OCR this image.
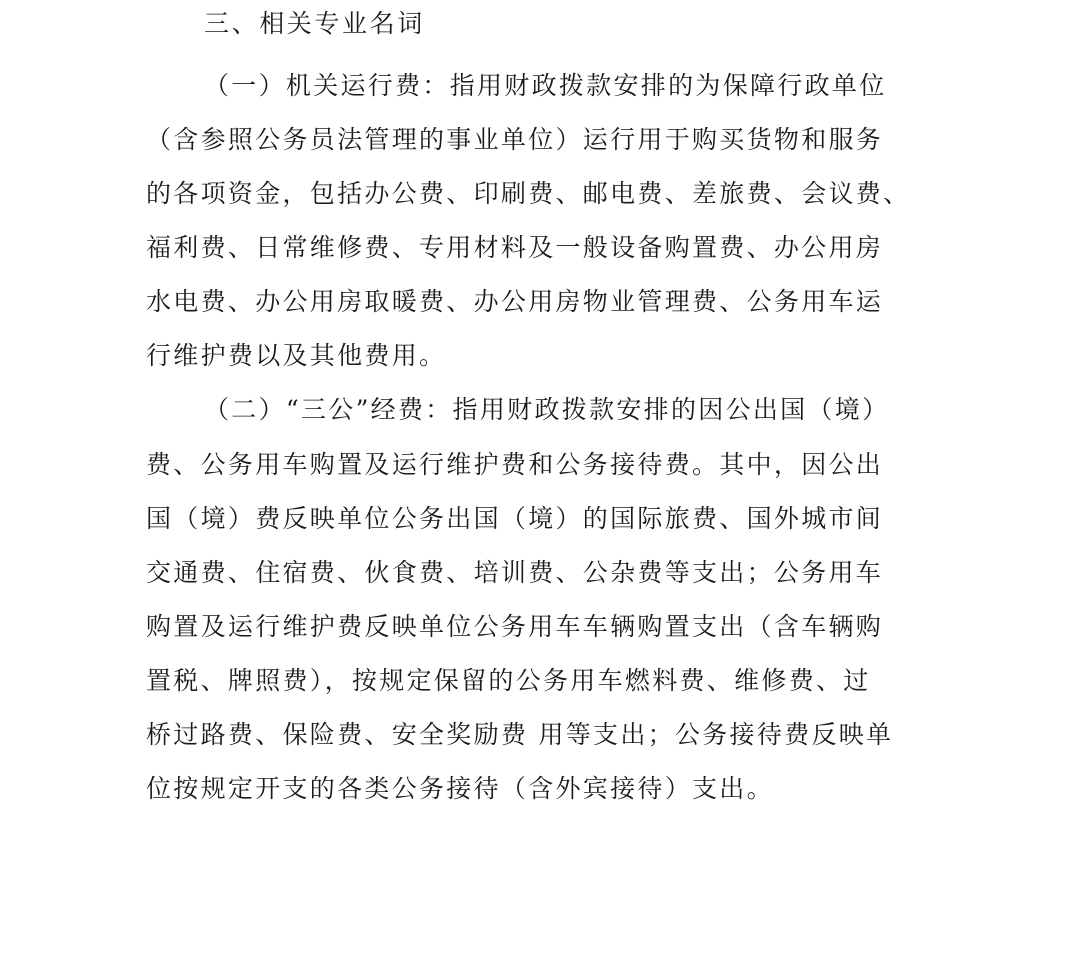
三、相关专业名词
（一）机关运行费：指用财政拨款安排的为保障行政单位
（含参照公务员法管理的事业单位）运行用于购买货物和服务
的各项资金，包括办公费、印刷费、邮电费、差旅费、会议费、
福利费、日常维修费、专用材料及一般设备购置费、办公用房
水电费、办公用房取暖费、办公用房物业管理费、公务用车运
行维护费以及其他费用。
（二）“三公”经费：指用财政拨款安排的因公出国（境）
费、公务用车购置及运行维护费和公务接待费。其中，因公出
国（境）费反映单位公务出国（境）的国际旅费、国外城市间
交通费、住宿费、伙食费、培训费、公杂费等支出；公务用车
购置及运行维护费反映单位公务用车车辆购置支出（含车辆购
置税、牌照费），按规定保留的公务用车燃料费、维修费、过
桥过路费、保险费、安全奖励费 用等支出；公务接待费反映单
位按规定开支的各类公务接待（含外宾接待）支出。
